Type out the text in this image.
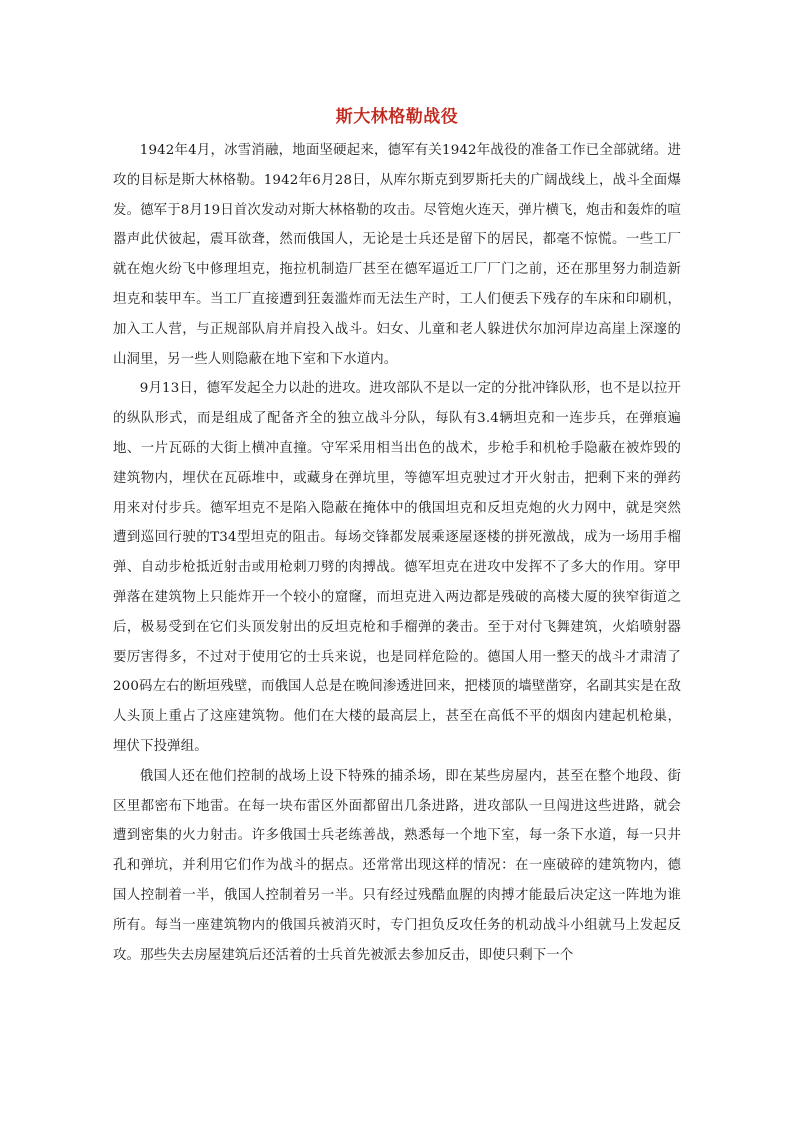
斯大林格勒战役

1942年4月，冰雪消融，地面坚硬起来，德军有关1942年战役的准备工作已全部就绪。进攻的目标是斯大林格勒。1942年6月28日，从库尔斯克到罗斯托夫的广阔战线上，战斗全面爆发。德军于8月19日首次发动对斯大林格勒的攻击。尽管炮火连天，弹片横飞，炮击和轰炸的喧嚣声此伏彼起，震耳欲聋，然而俄国人，无论是士兵还是留下的居民，都毫不惊慌。一些工厂就在炮火纷飞中修理坦克，拖拉机制造厂甚至在德军逼近工厂厂门之前，还在那里努力制造新坦克和装甲车。当工厂直接遭到狂轰滥炸而无法生产时，工人们便丢下残存的车床和印刷机，加入工人营，与正规部队肩并肩投入战斗。妇女、儿童和老人躲进伏尔加河岸边高崖上深邃的山洞里，另一些人则隐蔽在地下室和下水道内。

9月13日，德军发起全力以赴的进攻。进攻部队不是以一定的分批冲锋队形，也不是以拉开的纵队形式，而是组成了配备齐全的独立战斗分队，每队有3.4辆坦克和一连步兵，在弹痕遍地、一片瓦砾的大街上横冲直撞。守军采用相当出色的战术，步枪手和机枪手隐蔽在被炸毁的建筑物内，埋伏在瓦砾堆中，或藏身在弹坑里，等德军坦克驶过才开火射击，把剩下来的弹药用来对付步兵。德军坦克不是陷入隐蔽在掩体中的俄国坦克和反坦克炮的火力网中，就是突然遭到巡回行驶的T34型坦克的阻击。每场交锋都发展乘逐屋逐楼的拼死激战，成为一场用手榴弹、自动步枪抵近射击或用枪刺刀劈的肉搏战。德军坦克在进攻中发挥不了多大的作用。穿甲弹落在建筑物上只能炸开一个较小的窟窿，而坦克进入两边都是残破的高楼大厦的狭窄街道之后，极易受到在它们头顶发射出的反坦克枪和手榴弹的袭击。至于对付飞舞建筑，火焰喷射器要厉害得多，不过对于使用它的士兵来说，也是同样危险的。德国人用一整天的战斗才肃清了200码左右的断垣残壁，而俄国人总是在晚间渗透进回来，把楼顶的墙壁凿穿，名副其实是在敌人头顶上重占了这座建筑物。他们在大楼的最高层上，甚至在高低不平的烟囱内建起机枪巢，埋伏下投弹组。

俄国人还在他们控制的战场上设下特殊的捕杀场，即在某些房屋内，甚至在整个地段、街区里都密布下地雷。在每一块布雷区外面都留出几条进路，进攻部队一旦闯进这些进路，就会遭到密集的火力射击。许多俄国士兵老练善战，熟悉每一个地下室，每一条下水道，每一只井孔和弹坑，并利用它们作为战斗的据点。还常常出现这样的情况：在一座破碎的建筑物内，德国人控制着一半，俄国人控制着另一半。只有经过残酷血腥的肉搏才能最后决定这一阵地为谁所有。每当一座建筑物内的俄国兵被消灭时，专门担负反攻任务的机动战斗小组就马上发起反攻。那些失去房屋建筑后还活着的士兵首先被派去参加反击，即使只剩下一个
